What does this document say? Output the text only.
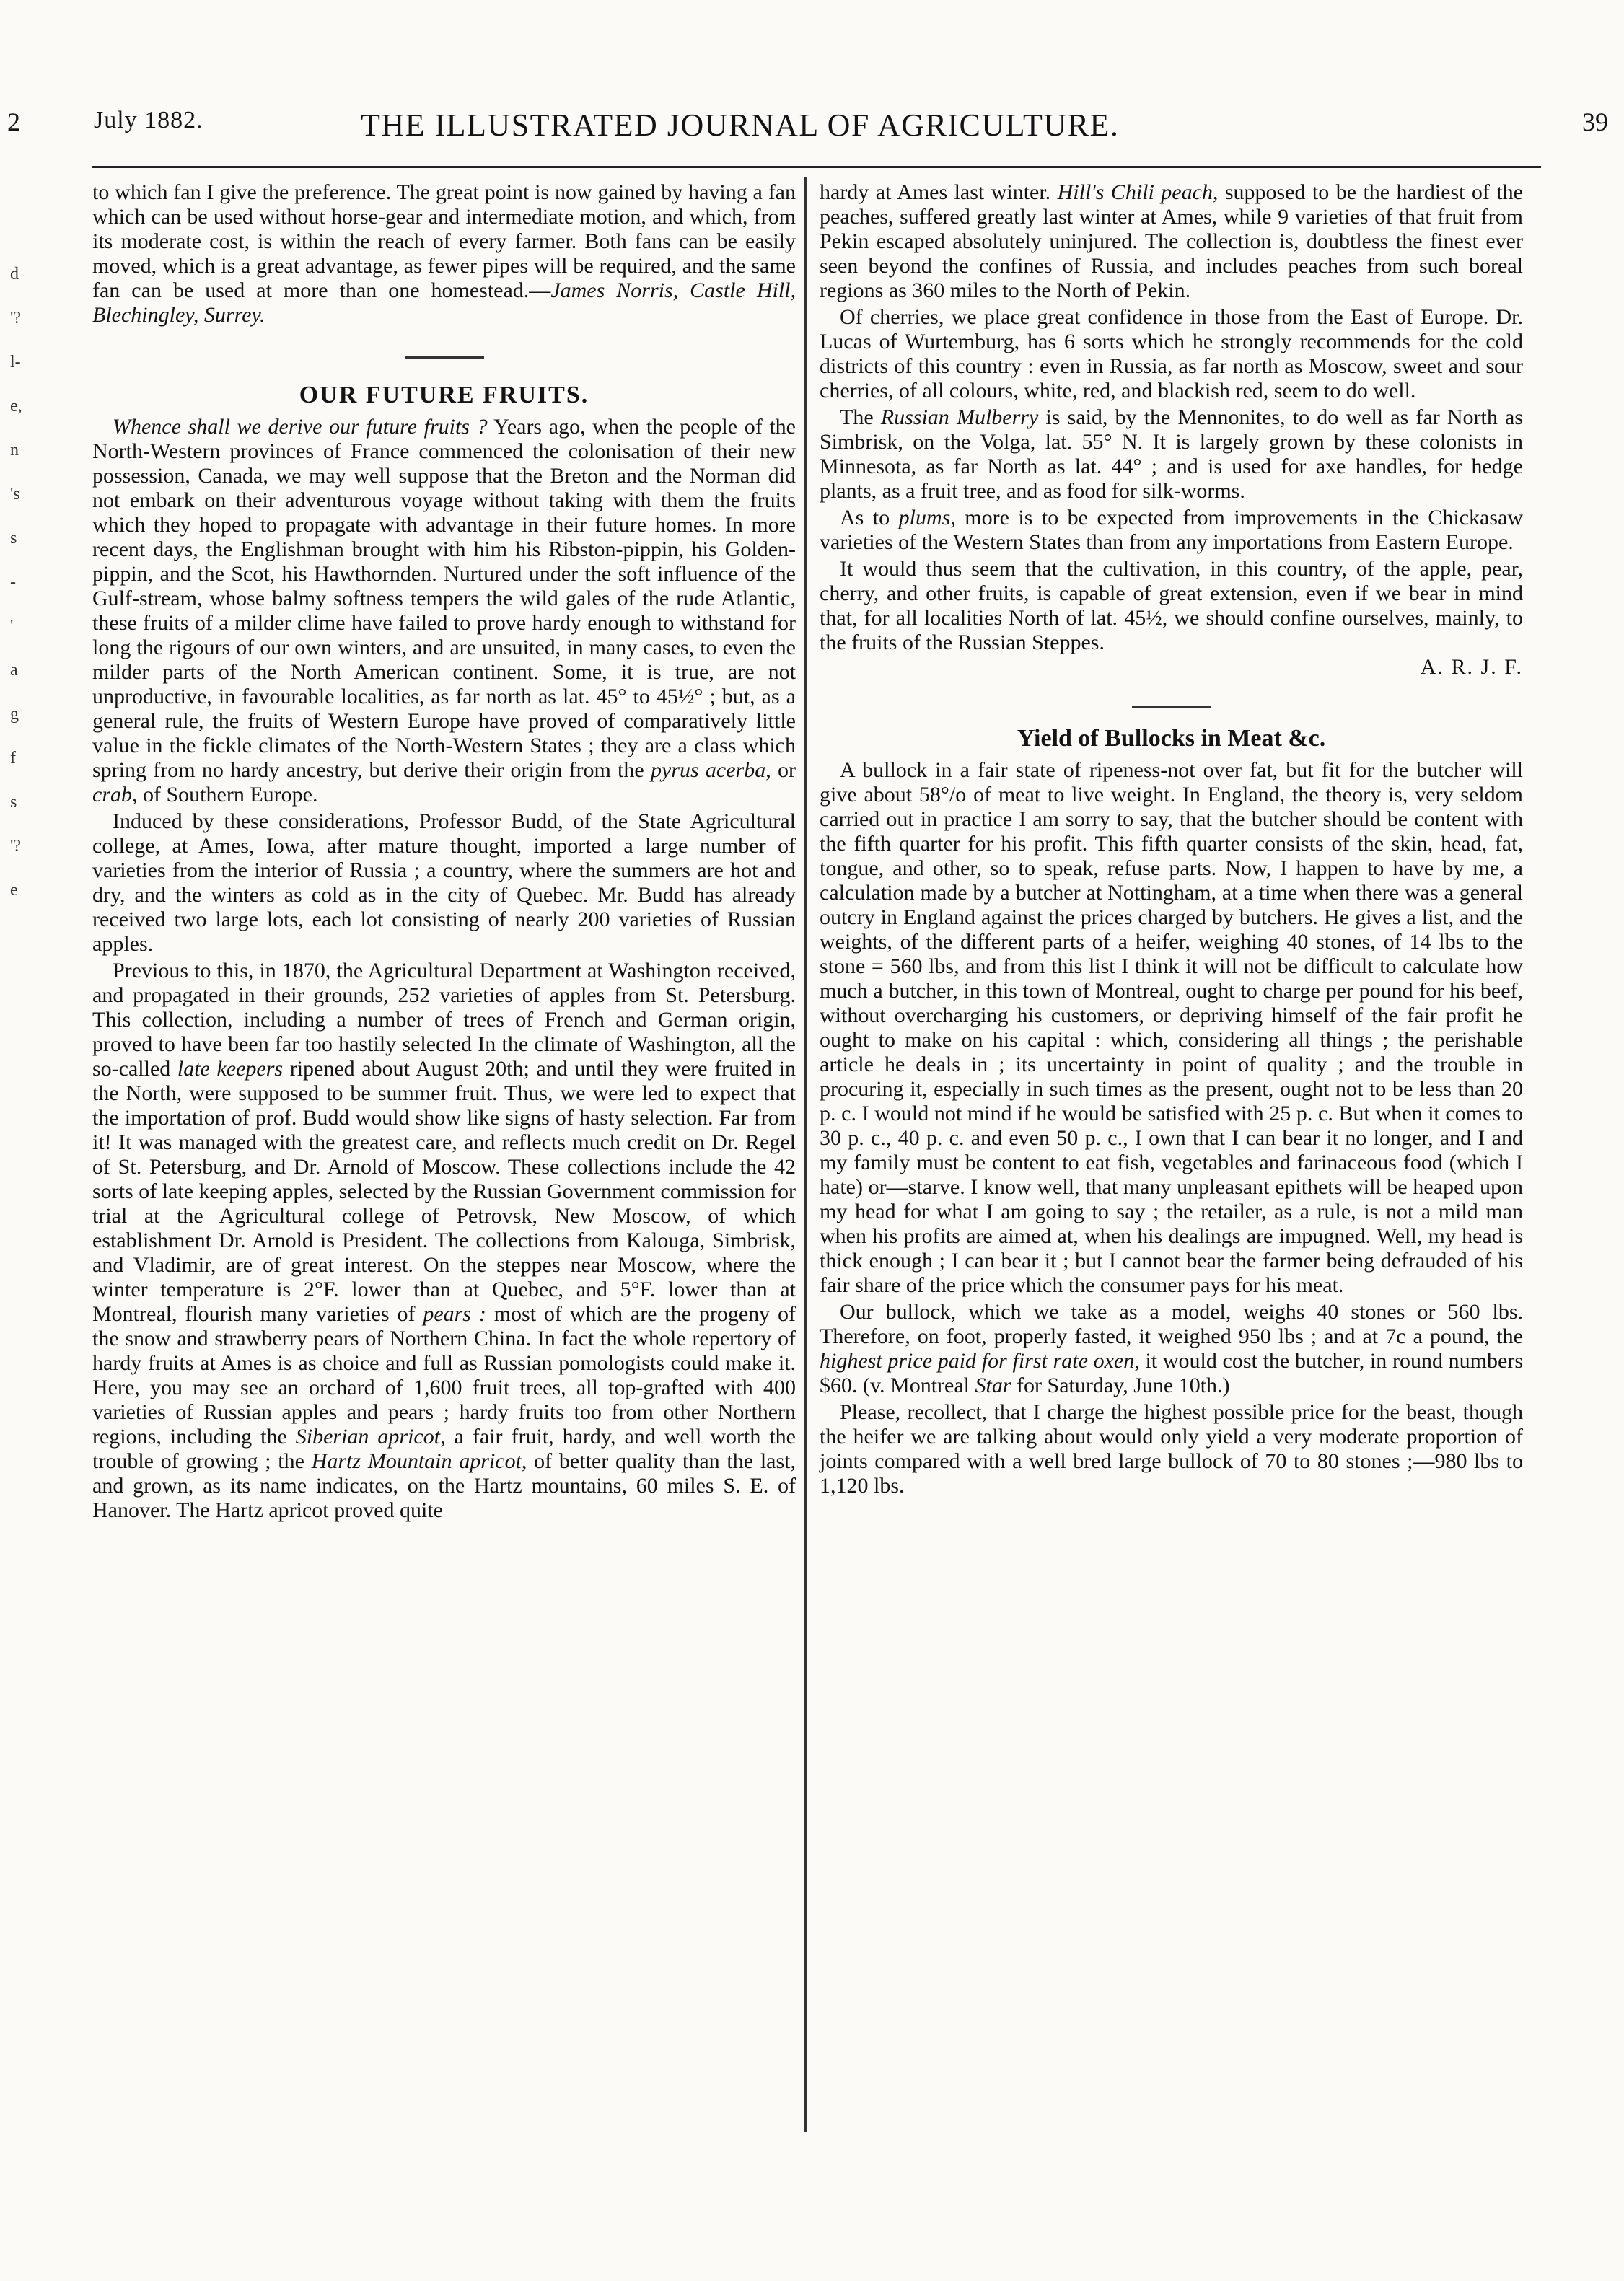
2	July 1882.	THE ILLUSTRATED JOURNAL OF AGRICULTURE.	39
d
'?
l-
e,
n
's
s
-
'
a
g
f
s
'?
e

to which fan I give the preference. The great point is now gained by having a fan which can be used without horse-gear and intermediate motion, and which, from its moderate cost, is within the reach of every farmer. Both fans can be easily moved, which is a great advantage, as fewer pipes will be required, and the same fan can be used at more than one homestead.—James Norris, Castle Hill, Blechingley, Surrey.

OUR FUTURE FRUITS.

Whence shall we derive our future fruits ? Years ago, when the people of the North-Western provinces of France commenced the colonisation of their new possession, Canada, we may well suppose that the Breton and the Norman did not embark on their adventurous voyage without taking with them the fruits which they hoped to propagate with advantage in their future homes. In more recent days, the Englishman brought with him his Ribston-pippin, his Golden-pippin, and the Scot, his Hawthornden. Nurtured under the soft influence of the Gulf-stream, whose balmy softness tempers the wild gales of the rude Atlantic, these fruits of a milder clime have failed to prove hardy enough to withstand for long the rigours of our own winters, and are unsuited, in many cases, to even the milder parts of the North American continent. Some, it is true, are not unproductive, in favourable localities, as far north as lat. 45° to 45½° ; but, as a general rule, the fruits of Western Europe have proved of comparatively little value in the fickle climates of the North-Western States ; they are a class which spring from no hardy ancestry, but derive their origin from the pyrus acerba, or crab, of Southern Europe.

Induced by these considerations, Professor Budd, of the State Agricultural college, at Ames, Iowa, after mature thought, imported a large number of varieties from the interior of Russia ; a country, where the summers are hot and dry, and the winters as cold as in the city of Quebec. Mr. Budd has already received two large lots, each lot consisting of nearly 200 varieties of Russian apples.

Previous to this, in 1870, the Agricultural Department at Washington received, and propagated in their grounds, 252 varieties of apples from St. Petersburg. This collection, including a number of trees of French and German origin, proved to have been far too hastily selected In the climate of Washington, all the so-called late keepers ripened about August 20th; and until they were fruited in the North, were supposed to be summer fruit. Thus, we were led to expect that the importation of prof. Budd would show like signs of hasty selection. Far from it! It was managed with the greatest care, and reflects much credit on Dr. Regel of St. Petersburg, and Dr. Arnold of Moscow. These collections include the 42 sorts of late keeping apples, selected by the Russian Government commission for trial at the Agricultural college of Petrovsk, New Moscow, of which establishment Dr. Arnold is President. The collections from Kalouga, Simbrisk, and Vladimir, are of great interest. On the steppes near Moscow, where the winter temperature is 2°F. lower than at Quebec, and 5°F. lower than at Montreal, flourish many varieties of pears : most of which are the progeny of the snow and strawberry pears of Northern China. In fact the whole repertory of hardy fruits at Ames is as choice and full as Russian pomologists could make it. Here, you may see an orchard of 1,600 fruit trees, all top-grafted with 400 varieties of Russian apples and pears ; hardy fruits too from other Northern regions, including the Siberian apricot, a fair fruit, hardy, and well worth the trouble of growing ; the Hartz Mountain apricot, of better quality than the last, and grown, as its name indicates, on the Hartz mountains, 60 miles S. E. of Hanover. The Hartz apricot proved quite

hardy at Ames last winter. Hill's Chili peach, supposed to be the hardiest of the peaches, suffered greatly last winter at Ames, while 9 varieties of that fruit from Pekin escaped absolutely uninjured. The collection is, doubtless the finest ever seen beyond the confines of Russia, and includes peaches from such boreal regions as 360 miles to the North of Pekin.

Of cherries, we place great confidence in those from the East of Europe. Dr. Lucas of Wurtemburg, has 6 sorts which he strongly recommends for the cold districts of this country : even in Russia, as far north as Moscow, sweet and sour cherries, of all colours, white, red, and blackish red, seem to do well.

The Russian Mulberry is said, by the Mennonites, to do well as far North as Simbrisk, on the Volga, lat. 55° N. It is largely grown by these colonists in Minnesota, as far North as lat. 44° ; and is used for axe handles, for hedge plants, as a fruit tree, and as food for silk-worms.

As to plums, more is to be expected from improvements in the Chickasaw varieties of the Western States than from any importations from Eastern Europe.

It would thus seem that the cultivation, in this country, of the apple, pear, cherry, and other fruits, is capable of great extension, even if we bear in mind that, for all localities North of lat. 45½, we should confine ourselves, mainly, to the fruits of the Russian Steppes.
A. R. J. F.

Yield of Bullocks in Meat &c.

A bullock in a fair state of ripeness-not over fat, but fit for the butcher will give about 58°/o of meat to live weight. In England, the theory is, very seldom carried out in practice I am sorry to say, that the butcher should be content with the fifth quarter for his profit. This fifth quarter consists of the skin, head, fat, tongue, and other, so to speak, refuse parts. Now, I happen to have by me, a calculation made by a butcher at Nottingham, at a time when there was a general outcry in England against the prices charged by butchers. He gives a list, and the weights, of the different parts of a heifer, weighing 40 stones, of 14 lbs to the stone = 560 lbs, and from this list I think it will not be difficult to calculate how much a butcher, in this town of Montreal, ought to charge per pound for his beef, without overcharging his customers, or depriving himself of the fair profit he ought to make on his capital : which, considering all things ; the perishable article he deals in ; its uncertainty in point of quality ; and the trouble in procuring it, especially in such times as the present, ought not to be less than 20 p. c. I would not mind if he would be satisfied with 25 p. c. But when it comes to 30 p. c., 40 p. c. and even 50 p. c., I own that I can bear it no longer, and I and my family must be content to eat fish, vegetables and farinaceous food (which I hate) or—starve. I know well, that many unpleasant epithets will be heaped upon my head for what I am going to say ; the retailer, as a rule, is not a mild man when his profits are aimed at, when his dealings are impugned. Well, my head is thick enough ; I can bear it ; but I cannot bear the farmer being defrauded of his fair share of the price which the consumer pays for his meat.

Our bullock, which we take as a model, weighs 40 stones or 560 lbs. Therefore, on foot, properly fasted, it weighed 950 lbs ; and at 7c a pound, the highest price paid for first rate oxen, it would cost the butcher, in round numbers $60. (v. Montreal Star for Saturday, June 10th.)

Please, recollect, that I charge the highest possible price for the beast, though the heifer we are talking about would only yield a very moderate proportion of joints compared with a well bred large bullock of 70 to 80 stones ;—980 lbs to 1,120 lbs.
